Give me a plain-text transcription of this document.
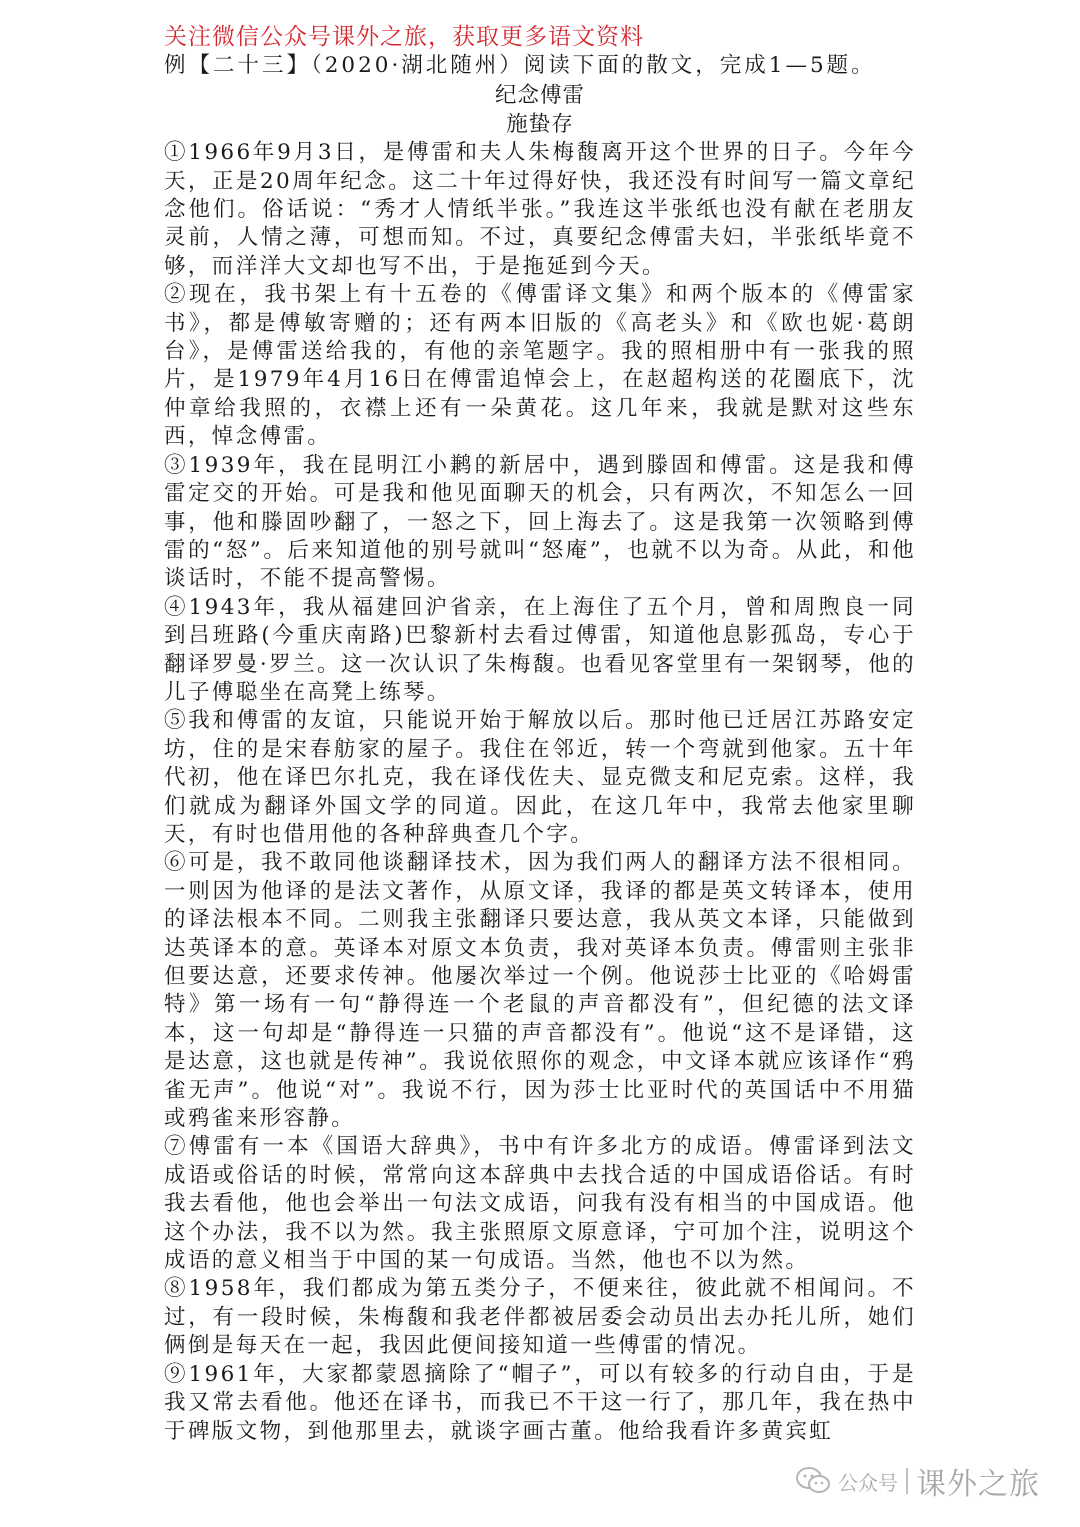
关注微信公众号课外之旅，获取更多语文资料
例【二十三】（2020·湖北随州）阅读下面的散文，完成1—5题。
纪念傅雷
施蛰存

①1966年9月3日，是傅雷和夫人朱梅馥离开这个世界的日子。今年今天，正是20周年纪念。这二十年过得好快，我还没有时间写一篇文章纪念他们。俗话说：“秀才人情纸半张。”我连这半张纸也没有献在老朋友灵前，人情之薄，可想而知。不过，真要纪念傅雷夫妇，半张纸毕竟不够，而洋洋大文却也写不出，于是拖延到今天。

②现在，我书架上有十五卷的《傅雷译文集》和两个版本的《傅雷家书》，都是傅敏寄赠的；还有两本旧版的《高老头》和《欧也妮·葛朗台》，是傅雷送给我的，有他的亲笔题字。我的照相册中有一张我的照片，是1979年4月16日在傅雷追悼会上，在赵超构送的花圈底下，沈仲章给我照的，衣襟上还有一朵黄花。这几年来，我就是默对这些东西，悼念傅雷。

③1939年，我在昆明江小鹣的新居中，遇到滕固和傅雷。这是我和傅雷定交的开始。可是我和他见面聊天的机会，只有两次，不知怎么一回事，他和滕固吵翻了，一怒之下，回上海去了。这是我第一次领略到傅雷的“怒”。后来知道他的别号就叫“怒庵”，也就不以为奇。从此，和他谈话时，不能不提高警惕。

④1943年，我从福建回沪省亲，在上海住了五个月，曾和周煦良一同到吕班路(今重庆南路)巴黎新村去看过傅雷，知道他息影孤岛，专心于翻译罗曼·罗兰。这一次认识了朱梅馥。也看见客堂里有一架钢琴，他的儿子傅聪坐在高凳上练琴。

⑤我和傅雷的友谊，只能说开始于解放以后。那时他已迁居江苏路安定坊，住的是宋春舫家的屋子。我住在邻近，转一个弯就到他家。五十年代初，他在译巴尔扎克，我在译伐佐夫、显克微支和尼克索。这样，我们就成为翻译外国文学的同道。因此，在这几年中，我常去他家里聊天，有时也借用他的各种辞典查几个字。

⑥可是，我不敢同他谈翻译技术，因为我们两人的翻译方法不很相同。一则因为他译的是法文著作，从原文译，我译的都是英文转译本，使用的译法根本不同。二则我主张翻译只要达意，我从英文本译，只能做到达英译本的意。英译本对原文本负责，我对英译本负责。傅雷则主张非但要达意，还要求传神。他屡次举过一个例。他说莎士比亚的《哈姆雷特》第一场有一句“静得连一个老鼠的声音都没有”，但纪德的法文译本，这一句却是“静得连一只猫的声音都没有”。他说“这不是译错，这是达意，这也就是传神”。我说依照你的观念，中文译本就应该译作“鸦雀无声”。他说“对”。我说不行，因为莎士比亚时代的英国话中不用猫或鸦雀来形容静。

⑦傅雷有一本《国语大辞典》，书中有许多北方的成语。傅雷译到法文成语或俗话的时候，常常向这本辞典中去找合适的中国成语俗话。有时我去看他，他也会举出一句法文成语，问我有没有相当的中国成语。他这个办法，我不以为然。我主张照原文原意译，宁可加个注，说明这个成语的意义相当于中国的某一句成语。当然，他也不以为然。

⑧1958年，我们都成为第五类分子，不便来往，彼此就不相闻问。不过，有一段时候，朱梅馥和我老伴都被居委会动员出去办托儿所，她们俩倒是每天在一起，我因此便间接知道一些傅雷的情况。

⑨1961年，大家都蒙恩摘除了“帽子”，可以有较多的行动自由，于是我又常去看他。他还在译书，而我已不干这一行了，那几年，我在热中于碑版文物，到他那里去，就谈字画古董。他给我看许多黄宾虹

公众号 课外之旅
